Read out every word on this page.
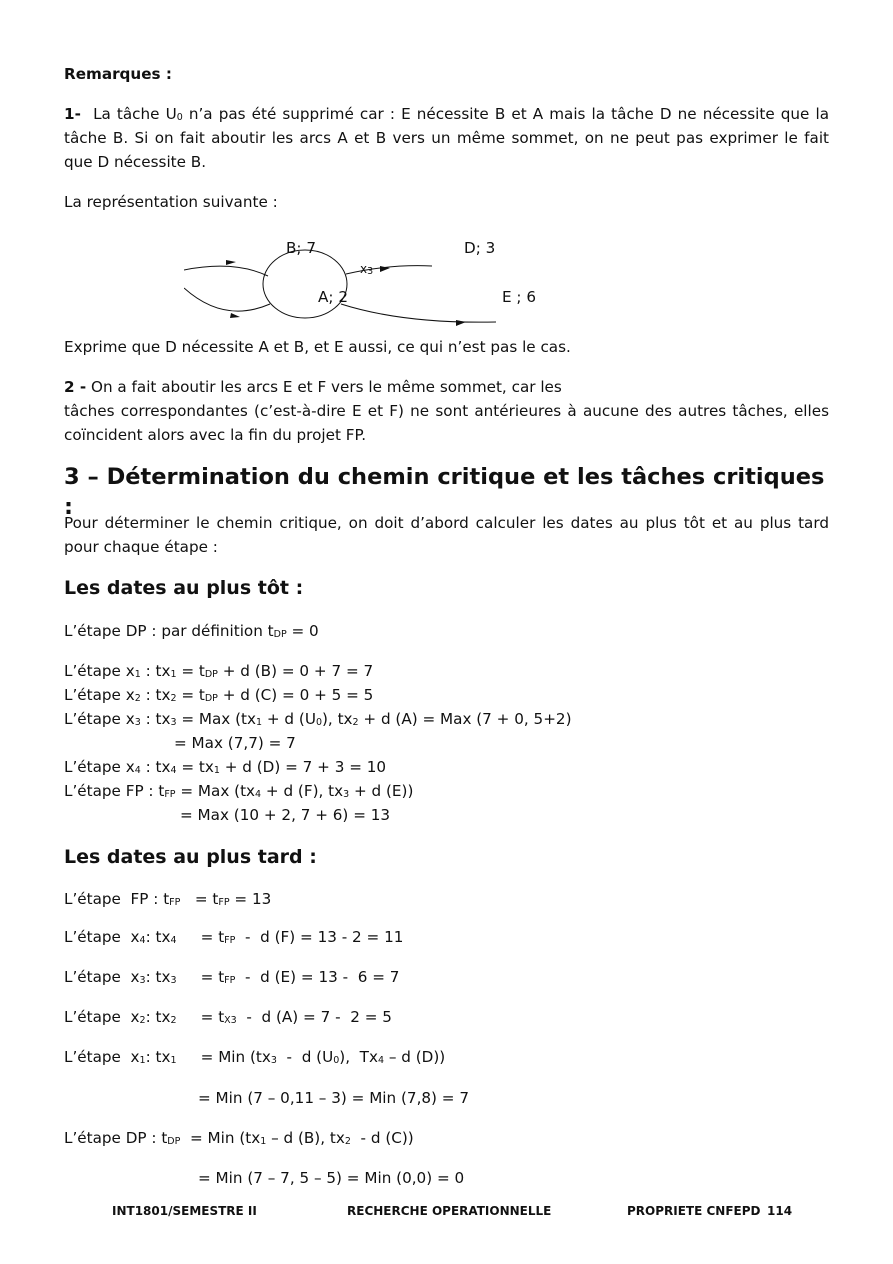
Remarques :

1- La tâche $U_0$ n’a pas été supprimé car : E nécessite B et A mais la tâche D ne nécessite que la tâche B. Si on fait aboutir les arcs A et B vers un même sommet, on ne peut pas exprimer le fait que D nécessite B.

La représentation suivante :

B; 7	D; 3
$x_3$
A; 2	E ; 6

Exprime que D nécessite A et B, et E aussi, ce qui n’est pas le cas.

2 - On a fait aboutir les arcs E et F vers le même sommet, car les

tâches correspondantes (c’est-à-dire E et F) ne sont antérieures à aucune des autres tâches, elles coïncident alors avec la fin du projet FP.

3 – Détermination du chemin critique et les tâches critiques :

Pour déterminer le chemin critique, on doit d’abord calculer les dates au plus tôt et au plus tard pour chaque étape :

Les dates au plus tôt :

L’étape DP : par définition $t_{DP} = 0$

L’étape $x_1$ : $tx_1 = t_{DP} + d$ (B) = 0 + 7 = 7

L’étape $x_2$ : $tx_2 = t_{DP} + d$ (C) = 0 + 5 = 5

L’étape $x_3$ : $tx_3$ = Max ($tx_1 + d$ $(U_0)$, $tx_2 + d$ (A) = Max (7 + 0, 5+2)

= Max (7,7) = 7

L’étape $x_4$ : $tx_4 = tx_1 + d$ (D) = 7 + 3 = 10

L’étape FP : $t_{FP}$ = Max ($tx_4 + d$ (F), $tx_3 + d$ (E))

= Max (10 + 2, 7 + 6) = 13

Les dates au plus tard :

L’étape  FP : $t_{FP} = t_{FP} = 13$

L’étape  $x_4$: $tx_4$     = $t_{FP}$  -  d (F) = 13 - 2 = 11

L’étape  $x_3$: $tx_3$     = $t_{FP}$  -  d (E) = 13 -  6 = 7

L’étape  $x_2$: $tx_2$     = $t_{X3}$  -  d (A) = 7 -  2 = 5

L’étape  $x_1$: $tx_1$     = Min ($tx_3$  -  d $(U_0)$,  $Tx_4$ – d (D))

= Min (7 – 0,11 – 3) = Min (7,8) = 7

L’étape DP : $t_{DP}$  = Min ($tx_1$ – d (B), $tx_2$  - d (C))

= Min (7 – 7, 5 – 5) = Min (0,0) = 0

INT1801/SEMESTRE II	RECHERCHE OPERATIONNELLE	PROPRIETE CNFEPD 114
